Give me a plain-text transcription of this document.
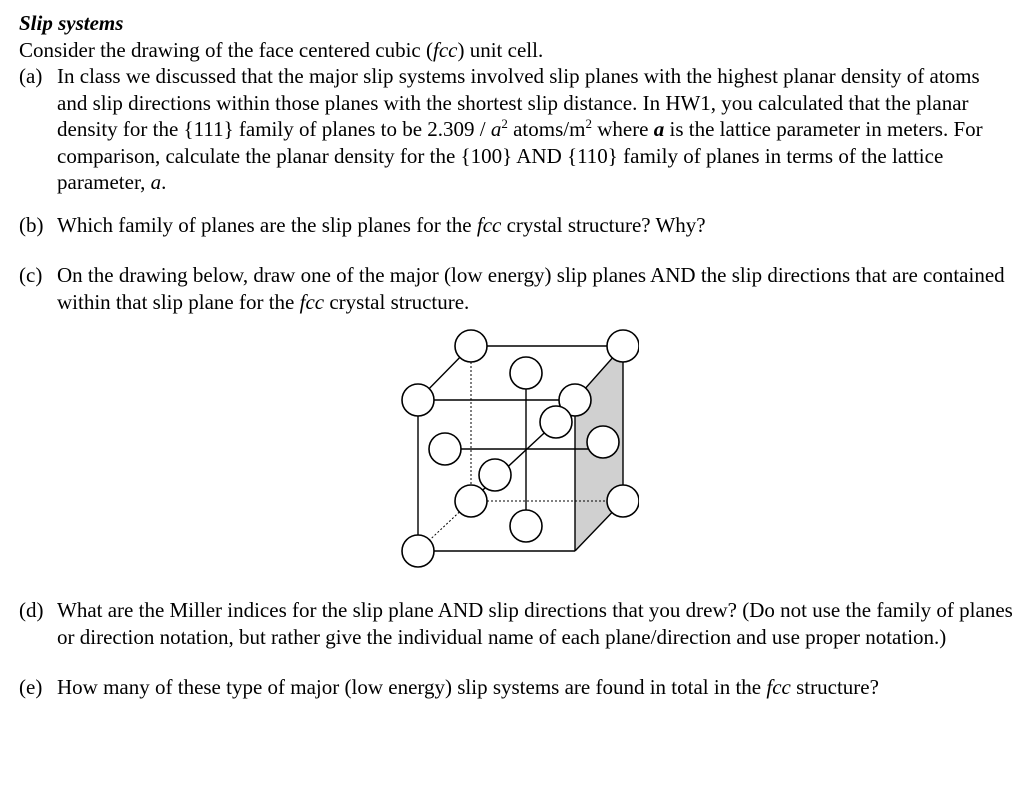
Slip systems

Consider the drawing of the face centered cubic (fcc) unit cell.

(a) In class we discussed that the major slip systems involved slip planes with the highest planar density of atoms and slip directions within those planes with the shortest slip distance. In HW1, you calculated that the planar density for the {111} family of planes to be $2.309 / a^2$ atoms/$m^2$ where a is the lattice parameter in meters. For comparison, calculate the planar density for the {100} AND {110} family of planes in terms of the lattice parameter, a.
(b) Which family of planes are the slip planes for the fcc crystal structure? Why?
(c) On the drawing below, draw one of the major (low energy) slip planes AND the slip directions that are contained within that slip plane for the fcc crystal structure.
(d) What are the Miller indices for the slip plane AND slip directions that you drew? (Do not use the family of planes or direction notation, but rather give the individual name of each plane/direction and use proper notation.)
(e) How many of these type of major (low energy) slip systems are found in total in the fcc structure?
